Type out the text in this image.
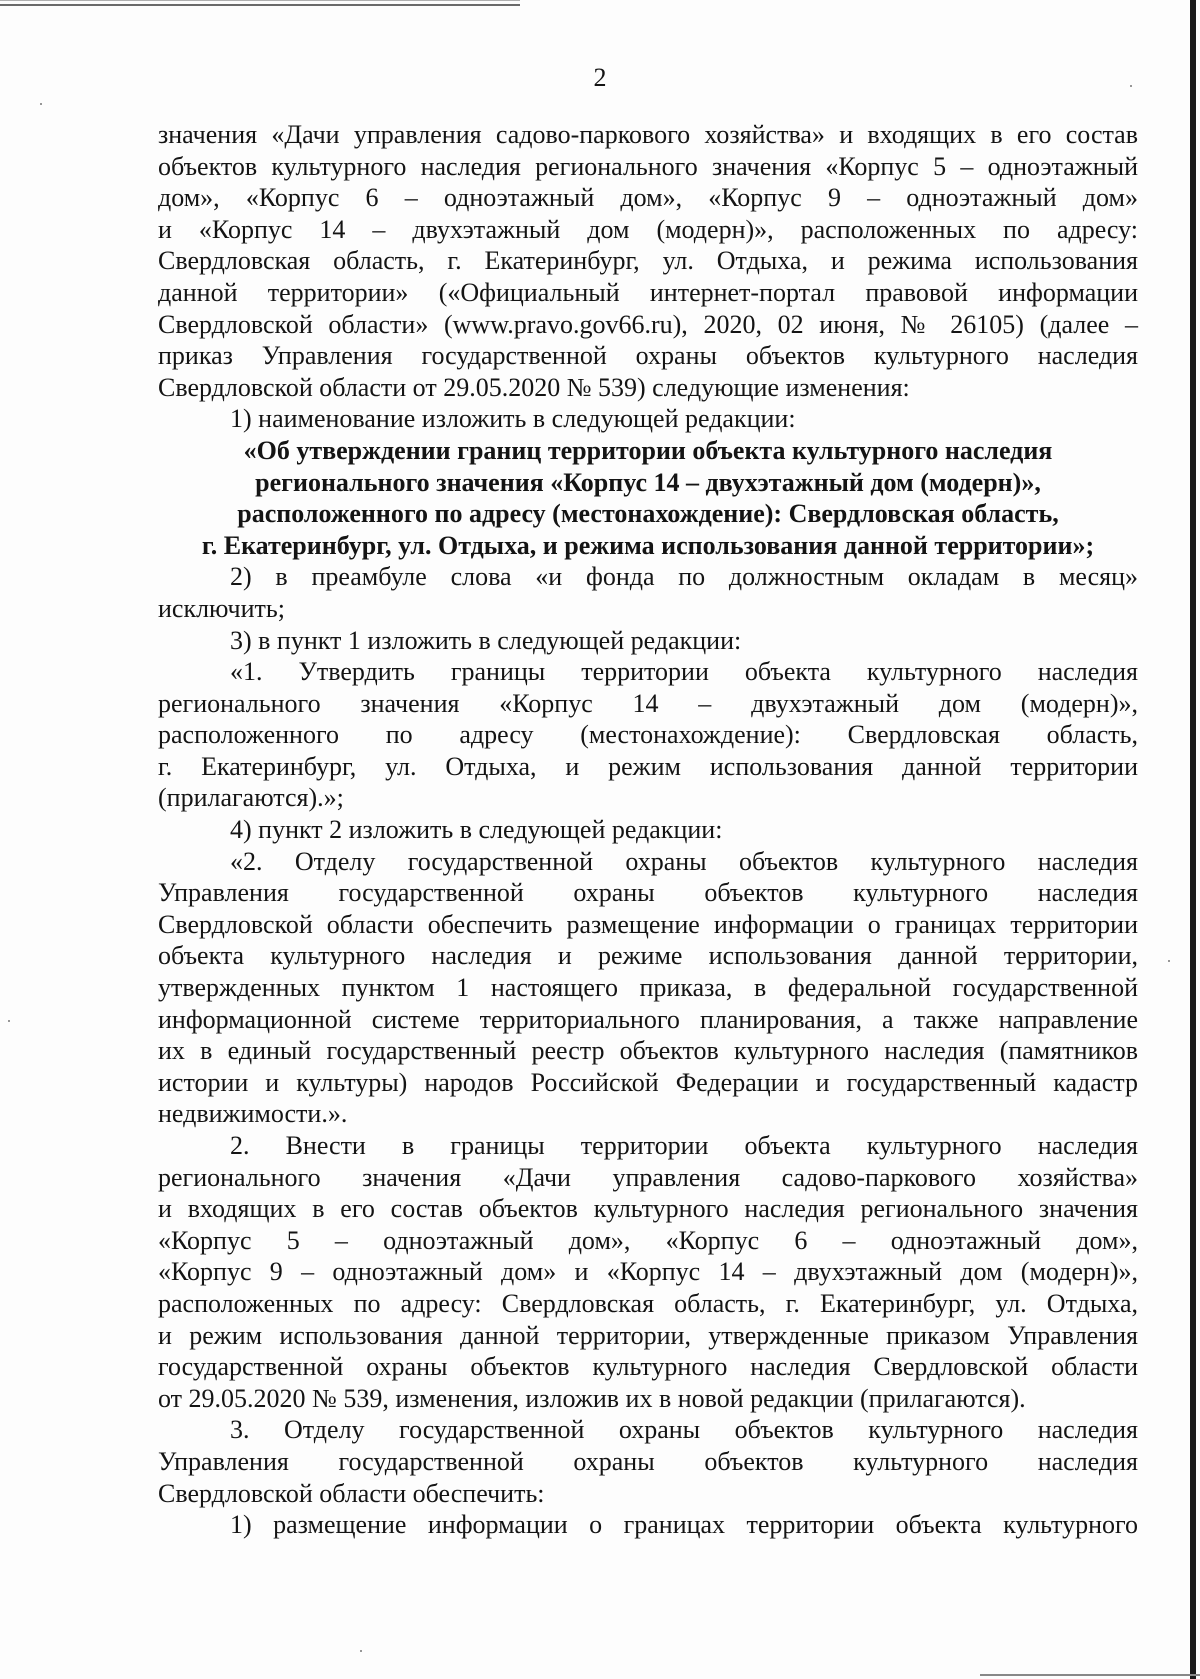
2

значения «Дачи управления садово-паркового хозяйства» и входящих в его состав

объектов культурного наследия регионального значения «Корпус 5 – одноэтажный

дом», «Корпус 6 – одноэтажный дом», «Корпус 9 – одноэтажный дом»

и «Корпус 14 – двухэтажный дом (модерн)», расположенных по адресу:

Свердловская область, г. Екатеринбург, ул. Отдыха, и режима использования

данной территории» («Официальный интернет-портал правовой информации

Свердловской области» (www.pravo.gov66.ru), 2020, 02 июня, № 26105) (далее –

приказ Управления государственной охраны объектов культурного наследия

Свердловской области от 29.05.2020 № 539) следующие изменения:

1) наименование изложить в следующей редакции:

«Об утверждении границ территории объекта культурного наследия

регионального значения «Корпус 14 – двухэтажный дом (модерн)»,

расположенного по адресу (местонахождение): Свердловская область,

г. Екатеринбург, ул. Отдыха, и режима использования данной территории»;

2) в преамбуле слова «и фонда по должностным окладам в месяц»

исключить;

3) в пункт 1 изложить в следующей редакции:

«1. Утвердить границы территории объекта культурного наследия

регионального значения «Корпус 14 – двухэтажный дом (модерн)»,

расположенного по адресу (местонахождение): Свердловская область,

г. Екатеринбург, ул. Отдыха, и режим использования данной территории

(прилагаются).»;

4) пункт 2 изложить в следующей редакции:

«2. Отделу государственной охраны объектов культурного наследия

Управления государственной охраны объектов культурного наследия

Свердловской области обеспечить размещение информации о границах территории

объекта культурного наследия и режиме использования данной территории,

утвержденных пунктом 1 настоящего приказа, в федеральной государственной

информационной системе территориального планирования, а также направление

их в единый государственный реестр объектов культурного наследия (памятников

истории и культуры) народов Российской Федерации и государственный кадастр

недвижимости.».

2. Внести в границы территории объекта культурного наследия

регионального значения «Дачи управления садово-паркового хозяйства»

и входящих в его состав объектов культурного наследия регионального значения

«Корпус 5 – одноэтажный дом», «Корпус 6 – одноэтажный дом»,

«Корпус 9 – одноэтажный дом» и «Корпус 14 – двухэтажный дом (модерн)»,

расположенных по адресу: Свердловская область, г. Екатеринбург, ул. Отдыха,

и режим использования данной территории, утвержденные приказом Управления

государственной охраны объектов культурного наследия Свердловской области

от 29.05.2020 № 539, изменения, изложив их в новой редакции (прилагаются).

3. Отделу государственной охраны объектов культурного наследия

Управления государственной охраны объектов культурного наследия

Свердловской области обеспечить:

1) размещение информации о границах территории объекта культурного
